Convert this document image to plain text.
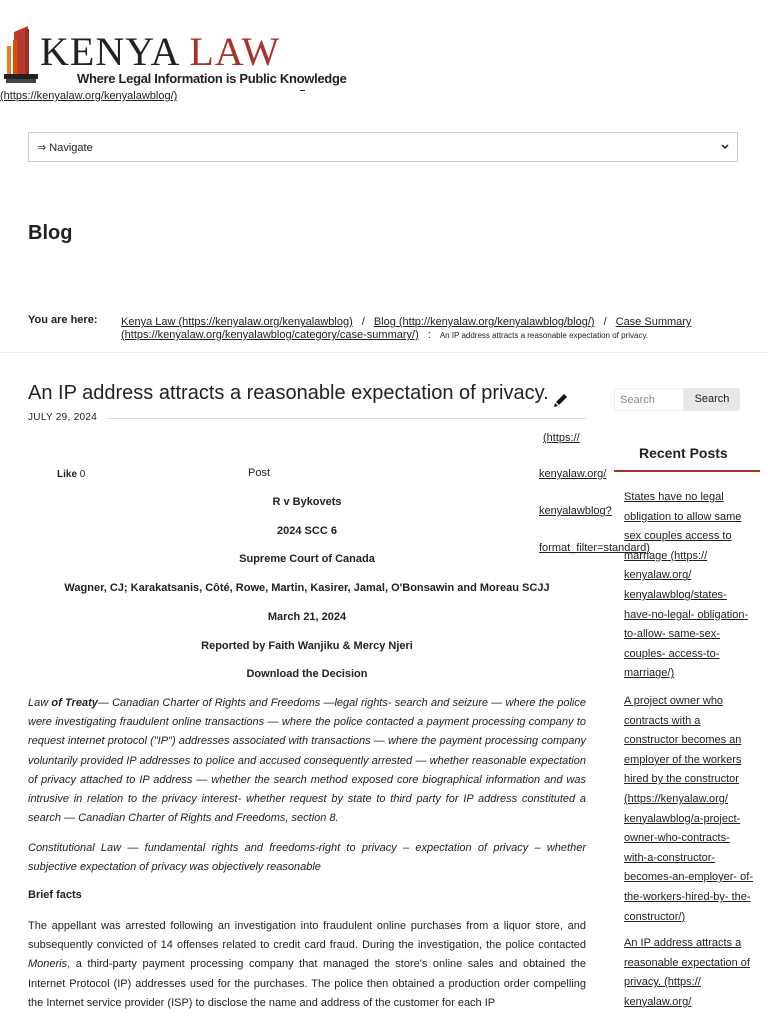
KENYA LAW
Where Legal Information is Public Knowledge
(https://kenyalaw.org/kenyalawblog/)
⇒ Navigate
Blog
You are here: Kenya Law (https://kenyalaw.org/kenyalawblog) / Blog (http://kenyalaw.org/kenyalawblog/blog/) / Case Summary
(https://kenyalaw.org/kenyalawblog/category/case-summary/) : An IP address attracts a reasonable expectation of privacy.
An IP address attracts a reasonable expectation of privacy.
JULY 29, 2024
(https://
kenyalaw.org/
kenyalawblog?
format_filter=standard)
Like 0	Post
R v Bykovets
2024 SCC 6
Supreme Court of Canada
Wagner, CJ; Karakatsanis, Côté, Rowe, Martin, Kasirer, Jamal, O'Bonsawin and Moreau SCJJ
March 21, 2024
Reported by Faith Wanjiku & Mercy Njeri
Download the Decision
Law of Treaty— Canadian Charter of Rights and Freedoms —legal rights- search and seizure — where the police were investigating fraudulent online transactions — where the police contacted a payment processing company to request internet protocol ("IP") addresses associated with transactions — where the payment processing company voluntarily provided IP addresses to police and accused consequently arrested — whether reasonable expectation of privacy attached to IP address — whether the search method exposed core biographical information and was intrusive in relation to the privacy interest- whether request by state to third party for IP address constituted a search — Canadian Charter of Rights and Freedoms, section 8.
Constitutional Law — fundamental rights and freedoms-right to privacy – expectation of privacy – whether subjective expectation of privacy was objectively reasonable
Brief facts
The appellant was arrested following an investigation into fraudulent online purchases from a liquor store, and subsequently convicted of 14 offenses related to credit card fraud. During the investigation, the police contacted Moneris, a third-party payment processing company that managed the store's online sales and obtained the Internet Protocol (IP) addresses used for the purchases. The police then obtained a production order compelling the Internet service provider (ISP) to disclose the name and address of the customer for each IP
Search	Search
Recent Posts
States have no legal obligation to allow same sex couples access to marriage (https:// kenyalaw.org/ kenyalawblog/states- have-no-legal- obligation-to-allow- same-sex-couples- access-to-marriage/)
A project owner who contracts with a constructor becomes an employer of the workers hired by the constructor (https://kenyalaw.org/ kenyalawblog/a-project- owner-who-contracts- with-a-constructor- becomes-an-employer- of-the-workers-hired-by- the-constructor/)
An IP address attracts a reasonable expectation of privacy. (https:// kenyalaw.org/
